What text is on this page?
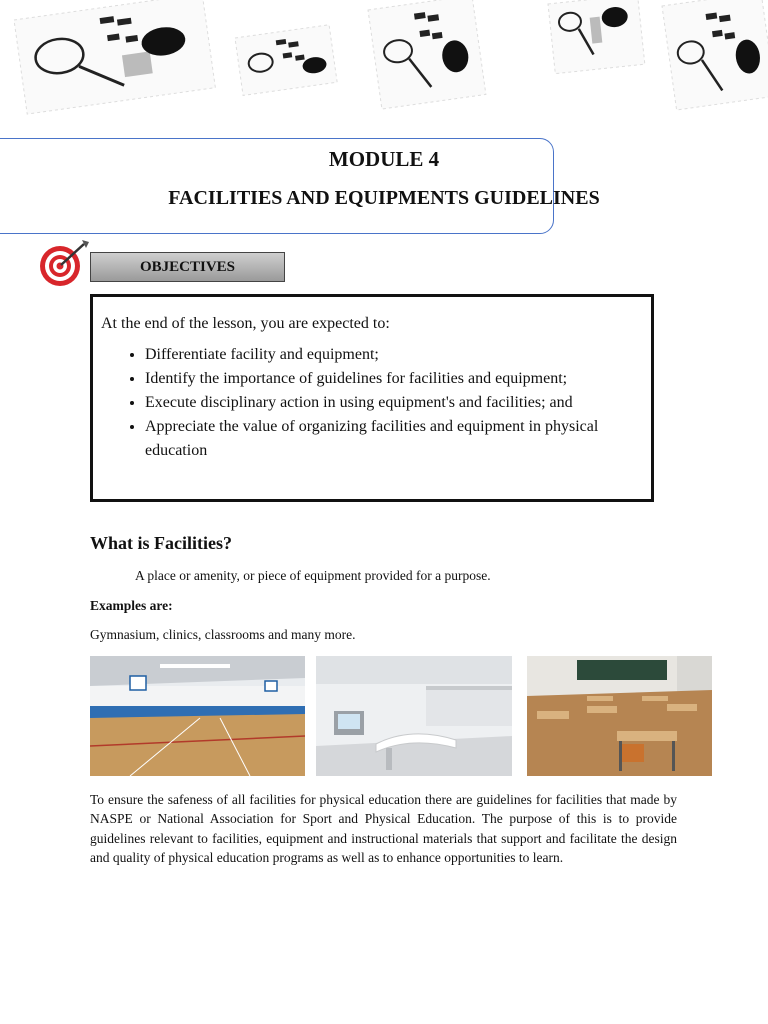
MODULE 4
FACILITIES AND EQUIPMENTS GUIDELINES
OBJECTIVES

At the end of the lesson, you are expected to:

• Differentiate facility and equipment;
• Identify the importance of guidelines for facilities and equipment;
• Execute disciplinary action in using equipment's and facilities; and
• Appreciate the value of organizing facilities and equipment in physical education
What is Facilities?
A place or amenity, or piece of equipment provided for a purpose.
Examples are:
Gymnasium, clinics, classrooms and many more.
To ensure the safeness of all facilities for physical education there are guidelines for facilities that made by NASPE or National Association for Sport and Physical Education. The purpose of this is to provide guidelines relevant to facilities, equipment and instructional materials that support and facilitate the design and quality of physical education programs as well as to enhance opportunities to learn.
